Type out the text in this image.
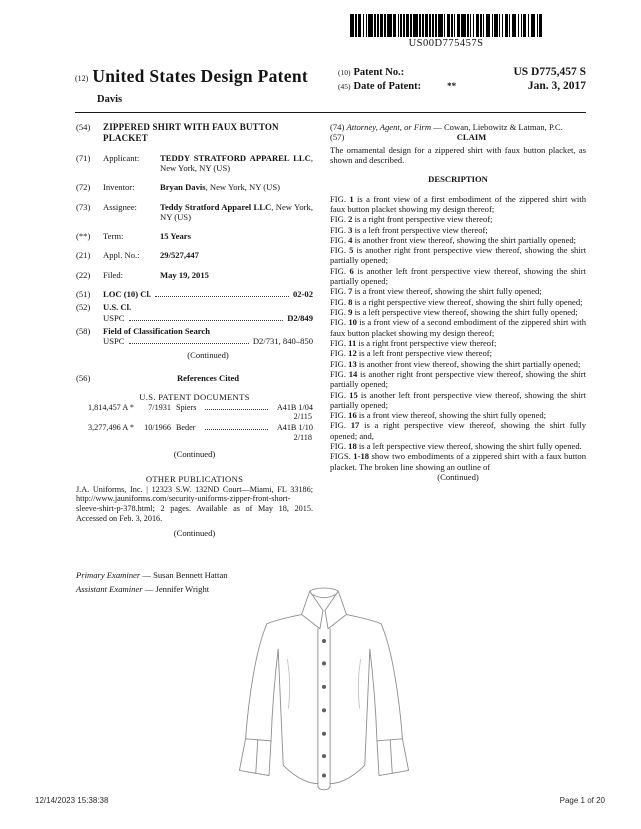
US00D775457S
(12) United States Design Patent	(10) Patent No.:	US D775,457 S
(45) Date of Patent:	**	Jan. 3, 2017

Davis

(54)	ZIPPERED SHIRT WITH FAUX BUTTON PLACKET
(71)	Applicant:	TEDDY STRATFORD APPAREL LLC, New York, NY (US)
(72)	Inventor:	Bryan Davis, New York, NY (US)
(73)	Assignee:	Teddy Stratford Apparel LLC, New York, NY (US)
(**)	Term:	15 Years
(21)	Appl. No.:	29/527,447
(22)	Filed:	May 19, 2015
(51)	LOC (10) Cl.	02-02
(52)	U.S. Cl.
USPC	D2/849
(58)	Field of Classification Search
USPC	D2/731, 840–850

(Continued)

(56)	References Cited

U.S. PATENT DOCUMENTS

1,814,457 A *	7/1931 Spiers	A41B 1/04
2/115
3,277,496 A *	10/1966 Beder	A41B 1/10
2/118

(Continued)

OTHER PUBLICATIONS

J.A. Uniforms, Inc. | 12323 S.W. 132ND Court—Miami, FL 33186; http://www.jauniforms.com/security-uniforms-zipper-front-short-sleeve-shirt-p-378.html; 2 pages. Available as of May 18, 2015. Accessed on Feb. 3, 2016.

(Continued)

Primary Examiner — Susan Bennett Hattan

Assistant Examiner — Jennifer Wright

(74) Attorney, Agent, or Firm — Cowan, Liebowitz & Latman, P.C.

(57)	CLAIM

The ornamental design for a zippered shirt with faux button placket, as shown and described.

DESCRIPTION

FIG. 1 is a front view of a first embodiment of the zippered shirt with faux button placket showing my design thereof;

FIG. 2 is a right front perspective view thereof;

FIG. 3 is a left front perspective view thereof;

FIG. 4 is another front view thereof, showing the shirt partially opened;

FIG. 5 is another right front perspective view thereof, showing the shirt partially opened;

FIG. 6 is another left front perspective view thereof, showing the shirt partially opened;

FIG. 7 is a front view thereof, showing the shirt fully opened;

FIG. 8 is a right perspective view thereof, showing the shirt fully opened;

FIG. 9 is a left perspective view thereof, showing the shirt fully opened;

FIG. 10 is a front view of a second embodiment of the zippered shirt with faux button placket showing my design thereof;

FIG. 11 is a right front perspective view thereof;

FIG. 12 is a left front perspective view thereof;

FIG. 13 is another front view thereof, showing the shirt partially opened;

FIG. 14 is another right front perspective view thereof, showing the shirt partially opened;

FIG. 15 is another left front perspective view thereof, showing the shirt partially opened;

FIG. 16 is a front view thereof, showing the shirt fully opened;

FIG. 17 is a right perspective view thereof, showing the shirt fully opened; and,

FIG. 18 is a left perspective view thereof, showing the shirt fully opened.

FIGS. 1-18 show two embodiments of a zippered shirt with a faux button placket. The broken line showing an outline of

(Continued)

12/14/2023 15:38:38	Page 1 of 20
